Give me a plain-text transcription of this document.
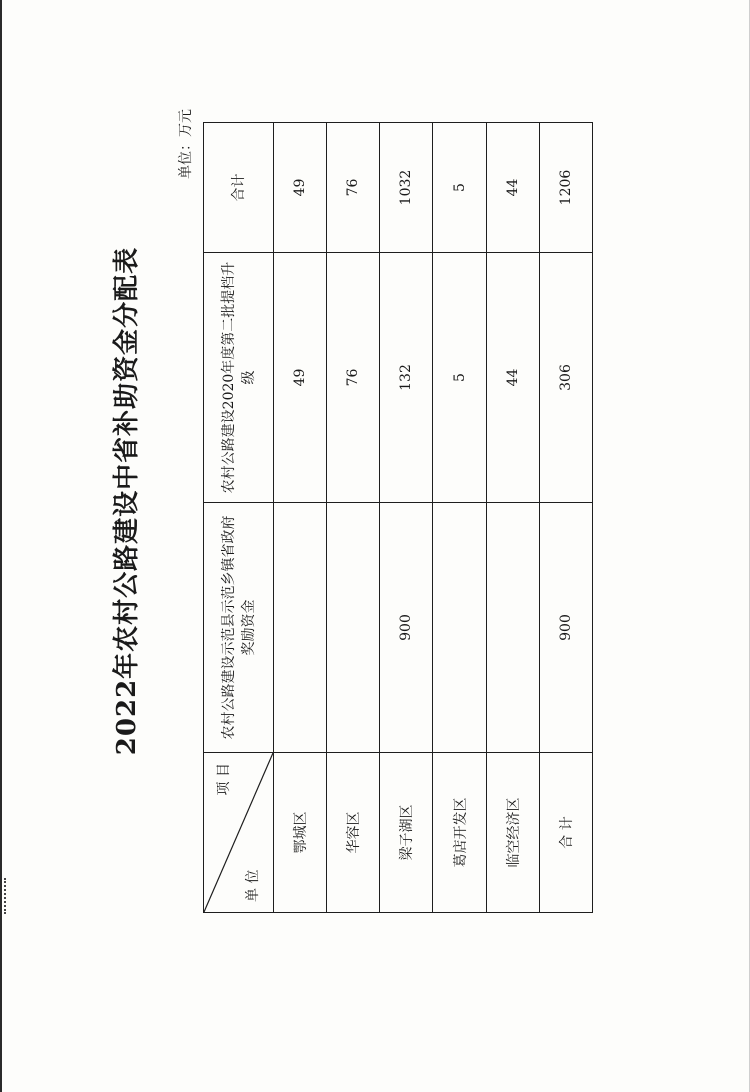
2022年农村公路建设中省补助资金分配表
单位：万元
项 目
单 位	农村公路建设示范县示范乡镇省政府奖励资金	农村公路建设2020年度第二批提档升级	合计
鄂城区		49	49
华容区		76	76
梁子湖区	900	132	1032
葛店开发区		5	5
临空经济区		44	44
合 计	900	306	1206
